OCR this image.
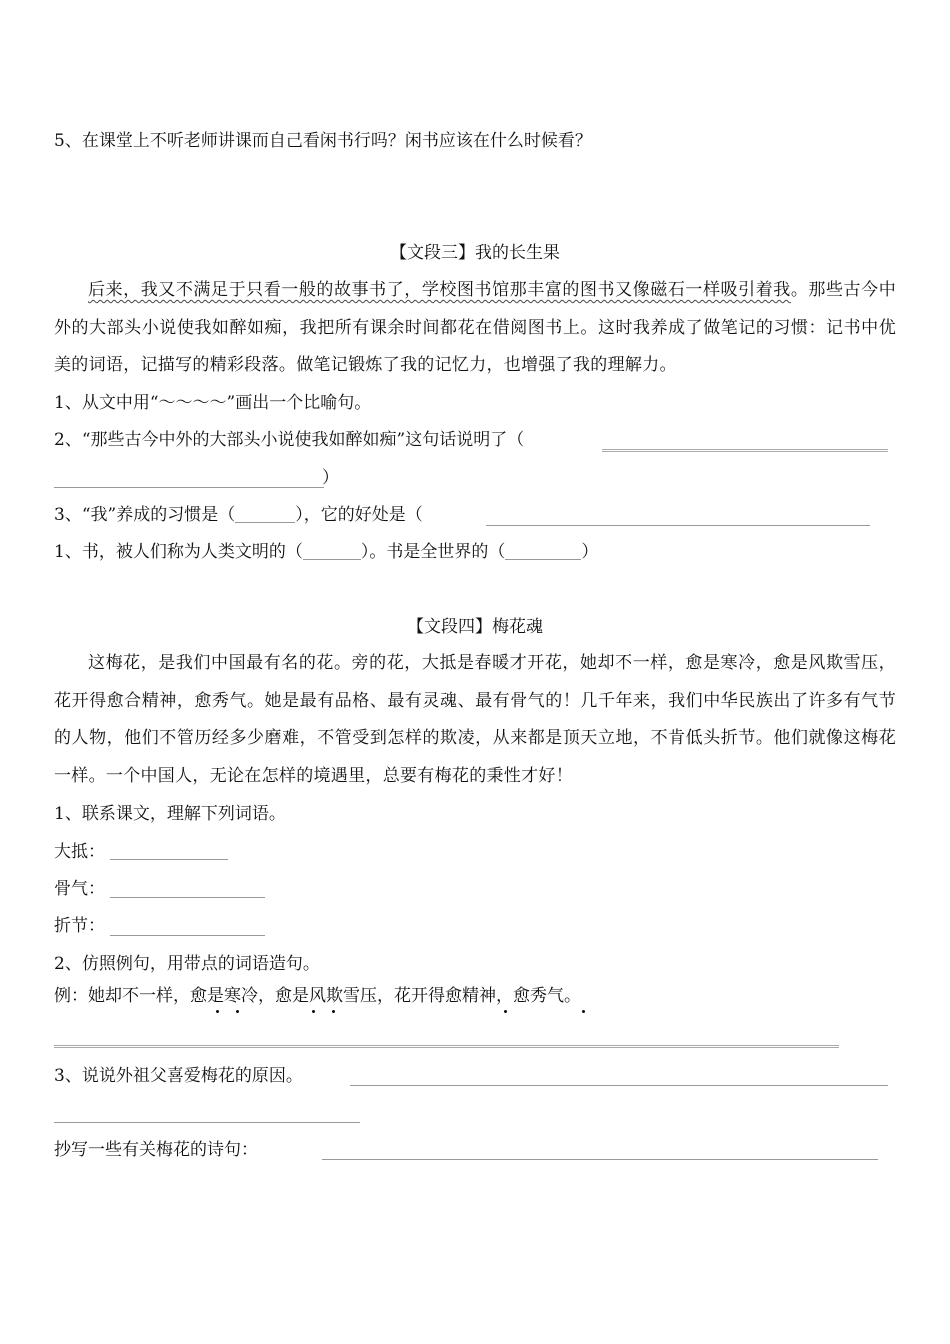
5、在课堂上不听老师讲课而自己看闲书行吗？闲书应该在什么时候看？
【文段三】我的长生果
后来，我又不满足于只看一般的故事书了，学校图书馆那丰富的图书又像磁石一样吸引着我。那些古今中外的大部头小说使我如醉如痴，我把所有课余时间都花在借阅图书上。这时我养成了做笔记的习惯：记书中优美的词语，记描写的精彩段落。做笔记锻炼了我的记忆力，也增强了我的理解力。
1、从文中用“～～～～”画出一个比喻句。
2、“那些古今中外的大部头小说使我如醉如痴”这句话说明了（
）
3、“我”养成的习惯是（	），它的好处是（
1、书，被人们称为人类文明的（	）。书是全世界的（	）
【文段四】梅花魂
这梅花，是我们中国最有名的花。旁的花，大抵是春暖才开花，她却不一样，愈是寒冷，愈是风欺雪压，花开得愈合精神，愈秀气。她是最有品格、最有灵魂、最有骨气的！几千年来，我们中华民族出了许多有气节的人物，他们不管历经多少磨难，不管受到怎样的欺凌，从来都是顶天立地，不肯低头折节。他们就像这梅花一样。一个中国人，无论在怎样的境遇里，总要有梅花的秉性才好！
1、联系课文，理解下列词语。
大抵：
骨气：
折节：
2、仿照例句，用带点的词语造句。
例：她却不一样，愈是寒冷，愈是风欺雪压，花开得愈精神，愈秀气。
3、说说外祖父喜爱梅花的原因。
抄写一些有关梅花的诗句：
